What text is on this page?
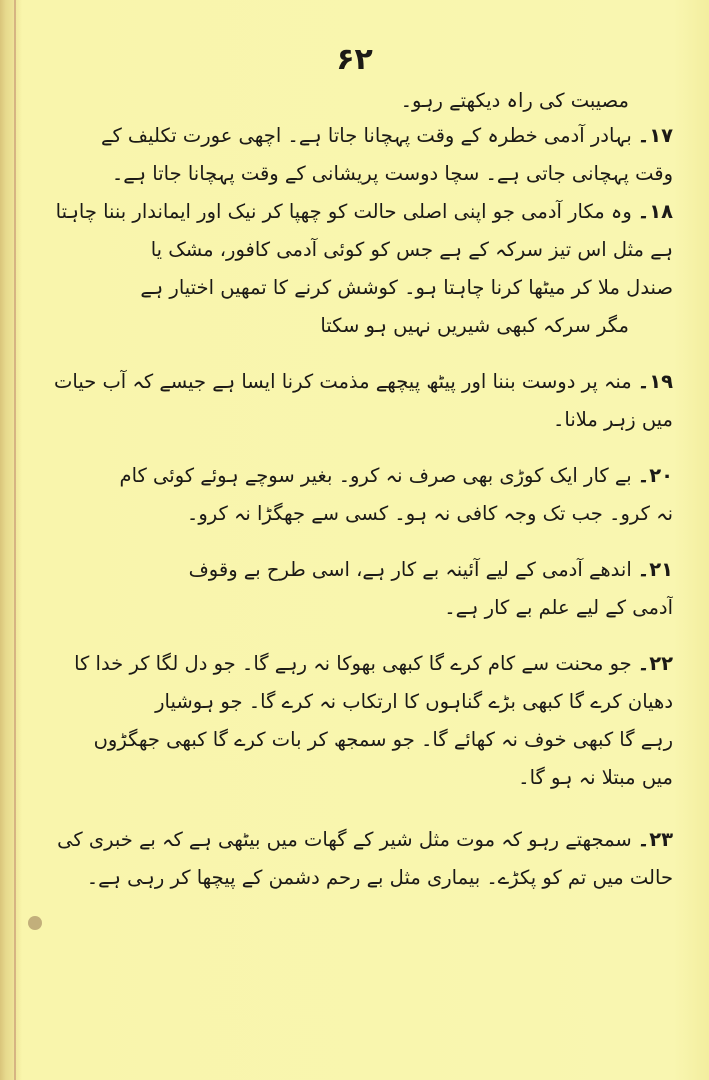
۶۲
مصیبت کی راہ دیکھتے رہو۔
۱۷۔بہادر آدمی خطرہ کے وقت پہچانا جاتا ہے۔ اچھی عورت تکلیف کے
وقت پہچانی جاتی ہے۔ سچا دوست پریشانی کے وقت پہچانا جاتا ہے۔
۱۸۔وہ مکار آدمی جو اپنی اصلی حالت کو چھپا کر نیک اور ایماندار بننا چاہتا
ہے مثل اس تیز سرکہ کے ہے جس کو کوئی آدمی کافور، مشک یا
صندل ملا کر میٹھا کرنا چاہتا ہو۔ کوشش کرنے کا تمھیں اختیار ہے
مگر سرکہ کبھی شیریں نہیں ہو سکتا
۱۹۔منہ پر دوست بننا اور پیٹھ پیچھے مذمت کرنا ایسا ہے جیسے کہ آب حیات
میں زہر ملانا۔
۲۰۔بے کار ایک کوڑی بھی صرف نہ کرو۔ بغیر سوچے ہوئے کوئی کام
نہ کرو۔ جب تک وجہ کافی نہ ہو۔ کسی سے جھگڑا نہ کرو۔
۲۱۔اندھے آدمی کے لیے آئینہ بے کار ہے، اسی طرح بے وقوف
آدمی کے لیے علم بے کار ہے۔
۲۲۔جو محنت سے کام کرے گا کبھی بھوکا نہ رہے گا۔ جو دل لگا کر خدا کا
دھیان کرے گا کبھی بڑے گناہوں کا ارتکاب نہ کرے گا۔ جو ہوشیار
رہے گا کبھی خوف نہ کھائے گا۔ جو سمجھ کر بات کرے گا کبھی جھگڑوں
میں مبتلا نہ ہو گا۔
۲۳۔سمجھتے رہو کہ موت مثل شیر کے گھات میں بیٹھی ہے کہ بے خبری کی
حالت میں تم کو پکڑے۔ بیماری مثل بے رحم دشمن کے پیچھا کر رہی ہے۔
